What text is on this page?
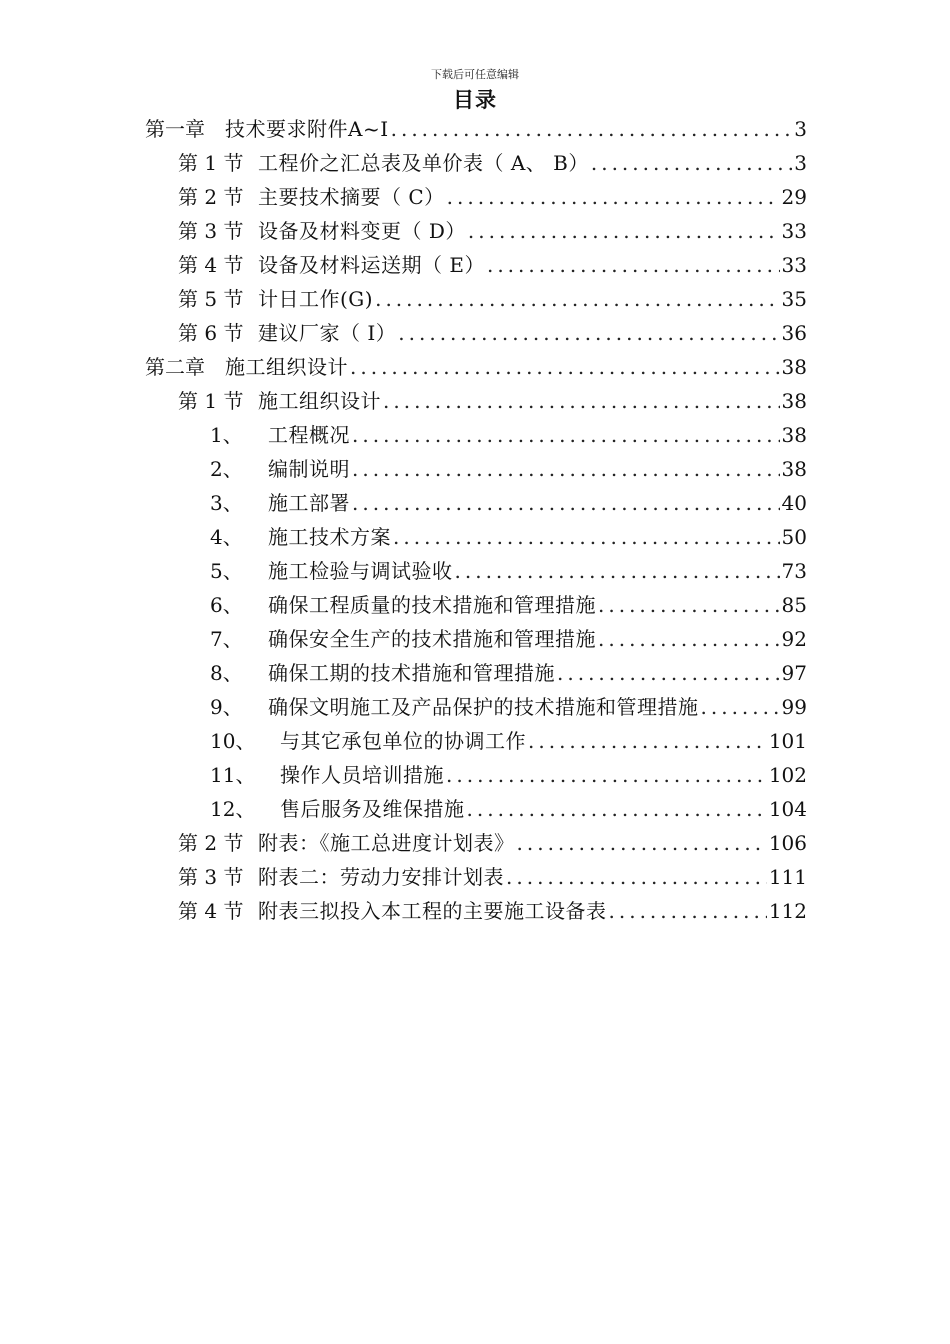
下载后可任意编辑
目录
第一章	技术要求附件A~I .....	3
第 1 节 工程价之汇总表及单价表（ A、 B） .....	3
第 2 节 主要技术摘要（ C） .....	29
第 3 节 设备及材料变更（ D） .....	33
第 4 节 设备及材料运送期（ E） .....	33
第 5 节 计日工作(G) .....	35
第 6 节 建议厂家（ I） .....	36
第二章	施工组织设计 .....	38
第 1 节 施工组织设计 .....	38
1、	工程概况 .....	38
2、	编制说明 .....	38
3、	施工部署 .....	40
4、	施工技术方案 .....	50
5、	施工检验与调试验收 .....	73
6、	确保工程质量的技术措施和管理措施 .....	85
7、	确保安全生产的技术措施和管理措施 .....	92
8、	确保工期的技术措施和管理措施 .....	97
9、	确保文明施工及产品保护的技术措施和管理措施 .....	99
10、	与其它承包单位的协调工作 .....	101
11、	操作人员培训措施 .....	102
12、	售后服务及维保措施 .....	104
第 2 节 附表：《施工总进度计划表》 .....	106
第 3 节 附表二：劳动力安排计划表 .....	111
第 4 节 附表三拟投入本工程的主要施工设备表 .....	112
